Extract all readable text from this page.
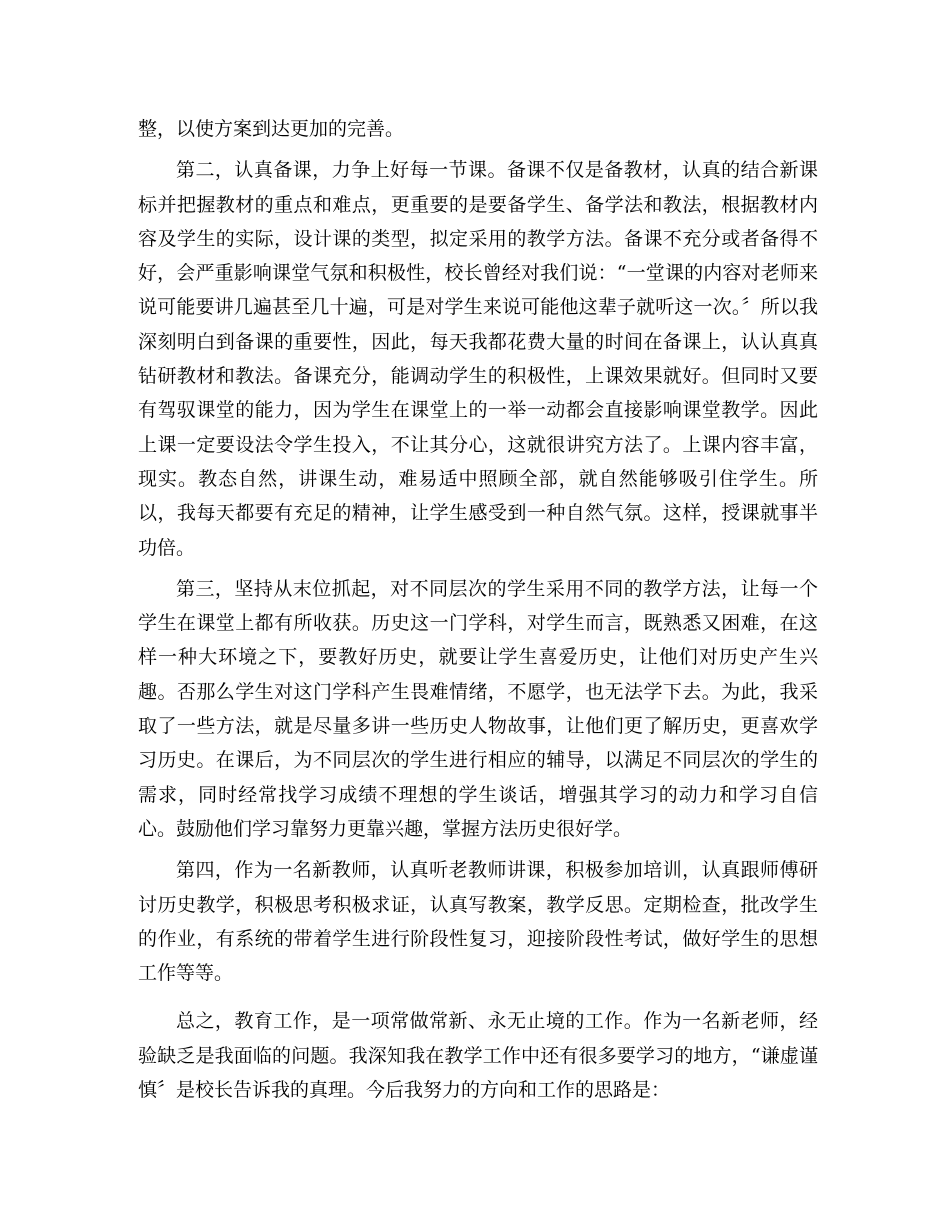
整，以使方案到达更加的完善。

第二，认真备课，力争上好每一节课。备课不仅是备教材，认真的结合新课标并把握教材的重点和难点，更重要的是要备学生、备学法和教法，根据教材内容及学生的实际，设计课的类型，拟定采用的教学方法。备课不充分或者备得不好，会严重影响课堂气氛和积极性，校长曾经对我们说：“一堂课的内容对老师来说可能要讲几遍甚至几十遍，可是对学生来说可能他这辈子就听这一次。〞所以我深刻明白到备课的重要性，因此，每天我都花费大量的时间在备课上，认认真真钻研教材和教法。备课充分，能调动学生的积极性，上课效果就好。但同时又要有驾驭课堂的能力，因为学生在课堂上的一举一动都会直接影响课堂教学。因此上课一定要设法令学生投入，不让其分心，这就很讲究方法了。上课内容丰富，现实。教态自然，讲课生动，难易适中照顾全部，就自然能够吸引住学生。所以，我每天都要有充足的精神，让学生感受到一种自然气氛。这样，授课就事半功倍。

第三，坚持从末位抓起，对不同层次的学生采用不同的教学方法，让每一个学生在课堂上都有所收获。历史这一门学科，对学生而言，既熟悉又困难，在这样一种大环境之下，要教好历史，就要让学生喜爱历史，让他们对历史产生兴趣。否那么学生对这门学科产生畏难情绪，不愿学，也无法学下去。为此，我采取了一些方法，就是尽量多讲一些历史人物故事，让他们更了解历史，更喜欢学习历史。在课后，为不同层次的学生进行相应的辅导，以满足不同层次的学生的需求，同时经常找学习成绩不理想的学生谈话，增强其学习的动力和学习自信心。鼓励他们学习靠努力更靠兴趣，掌握方法历史很好学。

第四，作为一名新教师，认真听老教师讲课，积极参加培训，认真跟师傅研讨历史教学，积极思考积极求证，认真写教案，教学反思。定期检查，批改学生的作业，有系统的带着学生进行阶段性复习，迎接阶段性考试，做好学生的思想工作等等。

总之，教育工作，是一项常做常新、永无止境的工作。作为一名新老师，经验缺乏是我面临的问题。我深知我在教学工作中还有很多要学习的地方，“谦虚谨慎〞是校长告诉我的真理。今后我努力的方向和工作的思路是：
